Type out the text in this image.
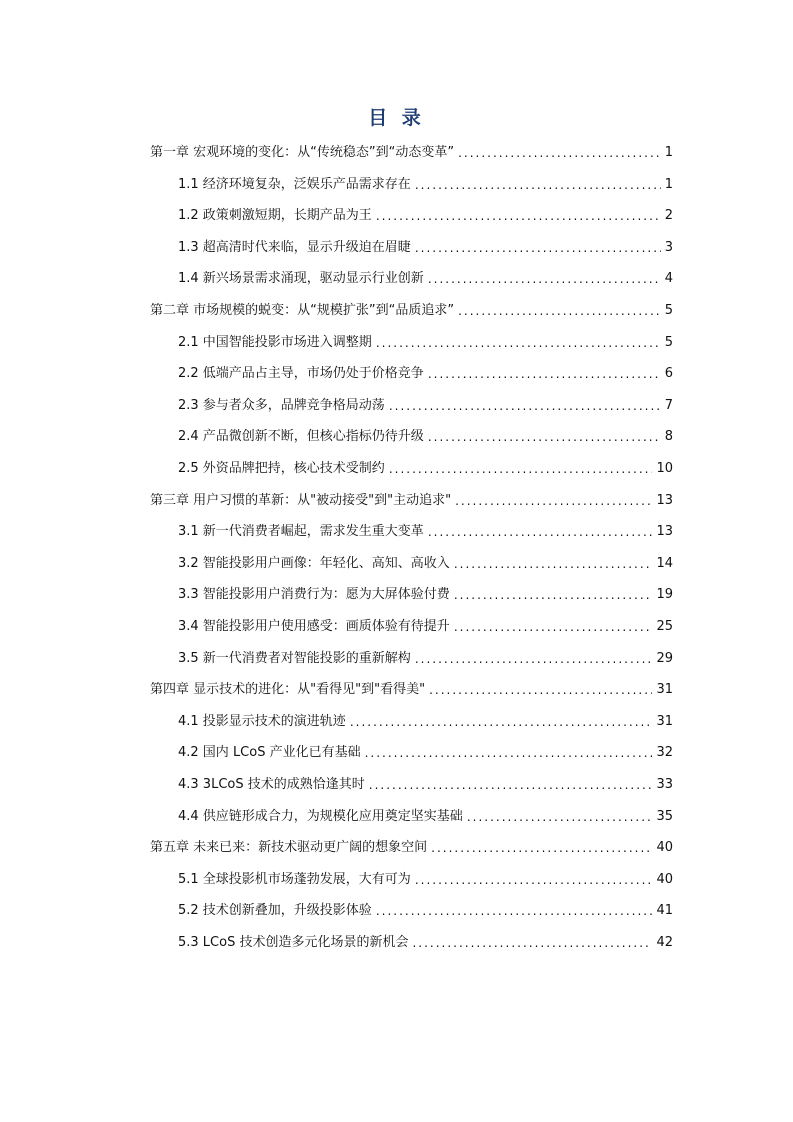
目 录
第一章 宏观环境的变化：从“传统稳态”到“动态变革” .....	1
1.1 经济环境复杂，泛娱乐产品需求存在 .....	1
1.2 政策刺激短期，长期产品为王 .....	2
1.3 超高清时代来临，显示升级迫在眉睫 .....	3
1.4 新兴场景需求涌现，驱动显示行业创新 .....	4
第二章 市场规模的蜕变：从“规模扩张”到“品质追求” .....	5
2.1 中国智能投影市场进入调整期 .....	5
2.2 低端产品占主导，市场仍处于价格竞争 .....	6
2.3 参与者众多，品牌竞争格局动荡 .....	7
2.4 产品微创新不断，但核心指标仍待升级 .....	8
2.5 外资品牌把持，核心技术受制约 .....	10
第三章 用户习惯的革新：从"被动接受"到"主动追求" .....	13
3.1 新一代消费者崛起，需求发生重大变革 .....	13
3.2 智能投影用户画像：年轻化、高知、高收入 .....	14
3.3 智能投影用户消费行为：愿为大屏体验付费 .....	19
3.4 智能投影用户使用感受：画质体验有待提升 .....	25
3.5 新一代消费者对智能投影的重新解构 .....	29
第四章 显示技术的进化：从"看得见"到"看得美" .....	31
4.1 投影显示技术的演进轨迹 .....	31
4.2 国内 LCoS 产业化已有基础 .....	32
4.3 3LCoS 技术的成熟恰逢其时 .....	33
4.4 供应链形成合力，为规模化应用奠定坚实基础 .....	35
第五章 未来已来：新技术驱动更广阔的想象空间 .....	40
5.1 全球投影机市场蓬勃发展，大有可为 .....	40
5.2 技术创新叠加，升级投影体验 .....	41
5.3 LCoS 技术创造多元化场景的新机会 .....	42
